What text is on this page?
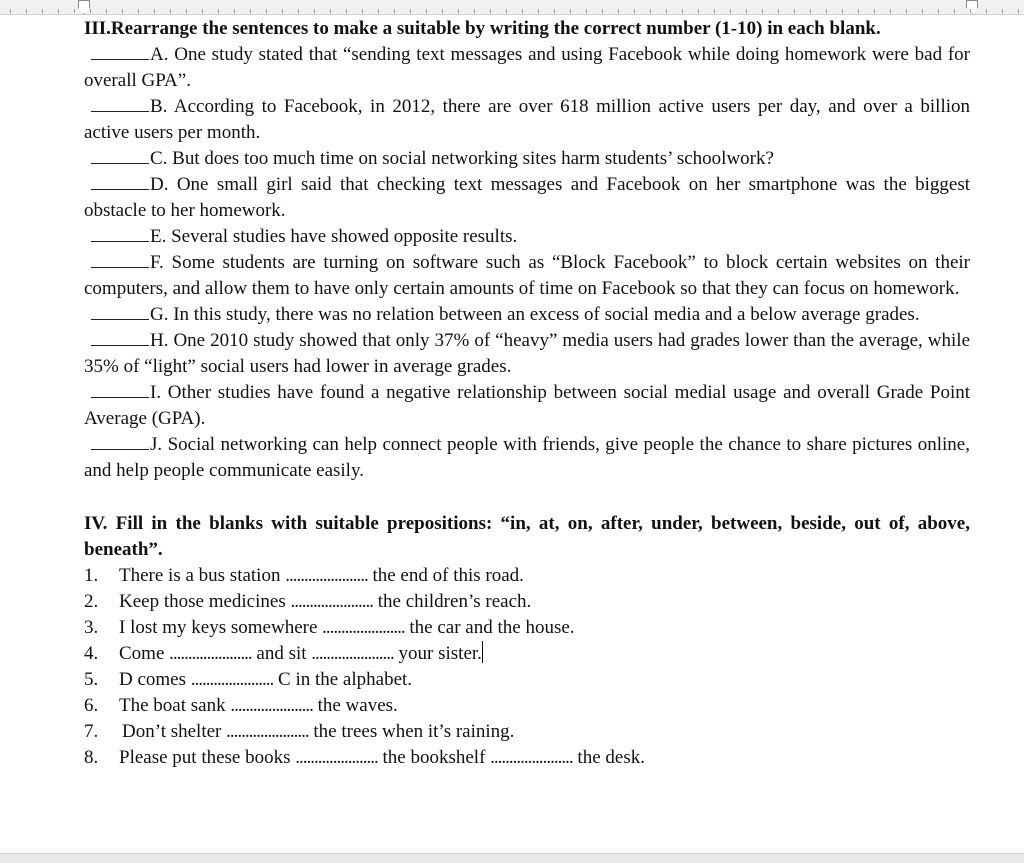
III.Rearrange the sentences to make a suitable by writing the correct number (1-10) in each blank.
A. One study stated that “sending text messages and using Facebook while doing homework were bad for overall GPA”.
B. According to Facebook, in 2012, there are over 618 million active users per day, and over a billion active users per month.
C. But does too much time on social networking sites harm students’ schoolwork?
D. One small girl said that checking text messages and Facebook on her smartphone was the biggest obstacle to her homework.
E. Several studies have showed opposite results.
F. Some students are turning on software such as “Block Facebook” to block certain websites on their computers, and allow them to have only certain amounts of time on Facebook so that they can focus on homework.
G. In this study, there was no relation between an excess of social media and a below average grades.
H. One 2010 study showed that only 37% of “heavy” media users had grades lower than the average, while 35% of “light” social users had lower in average grades.
I. Other studies have found a negative relationship between social medial usage and overall Grade Point Average (GPA).
J. Social networking can help connect people with friends, give people the chance to share pictures online, and help people communicate easily.
IV. Fill in the blanks with suitable prepositions: “in, at, on, after, under, between, beside, out of, above, beneath”.
1. There is a bus station ...................... the end of this road.
2. Keep those medicines ...................... the children’s reach.
3. I lost my keys somewhere ...................... the car and the house.
4. Come ...................... and sit ...................... your sister.
5. D comes ...................... C in the alphabet.
6. The boat sank ...................... the waves.
7. Don’t shelter ...................... the trees when it’s raining.
8. Please put these books ...................... the bookshelf ...................... the desk.
